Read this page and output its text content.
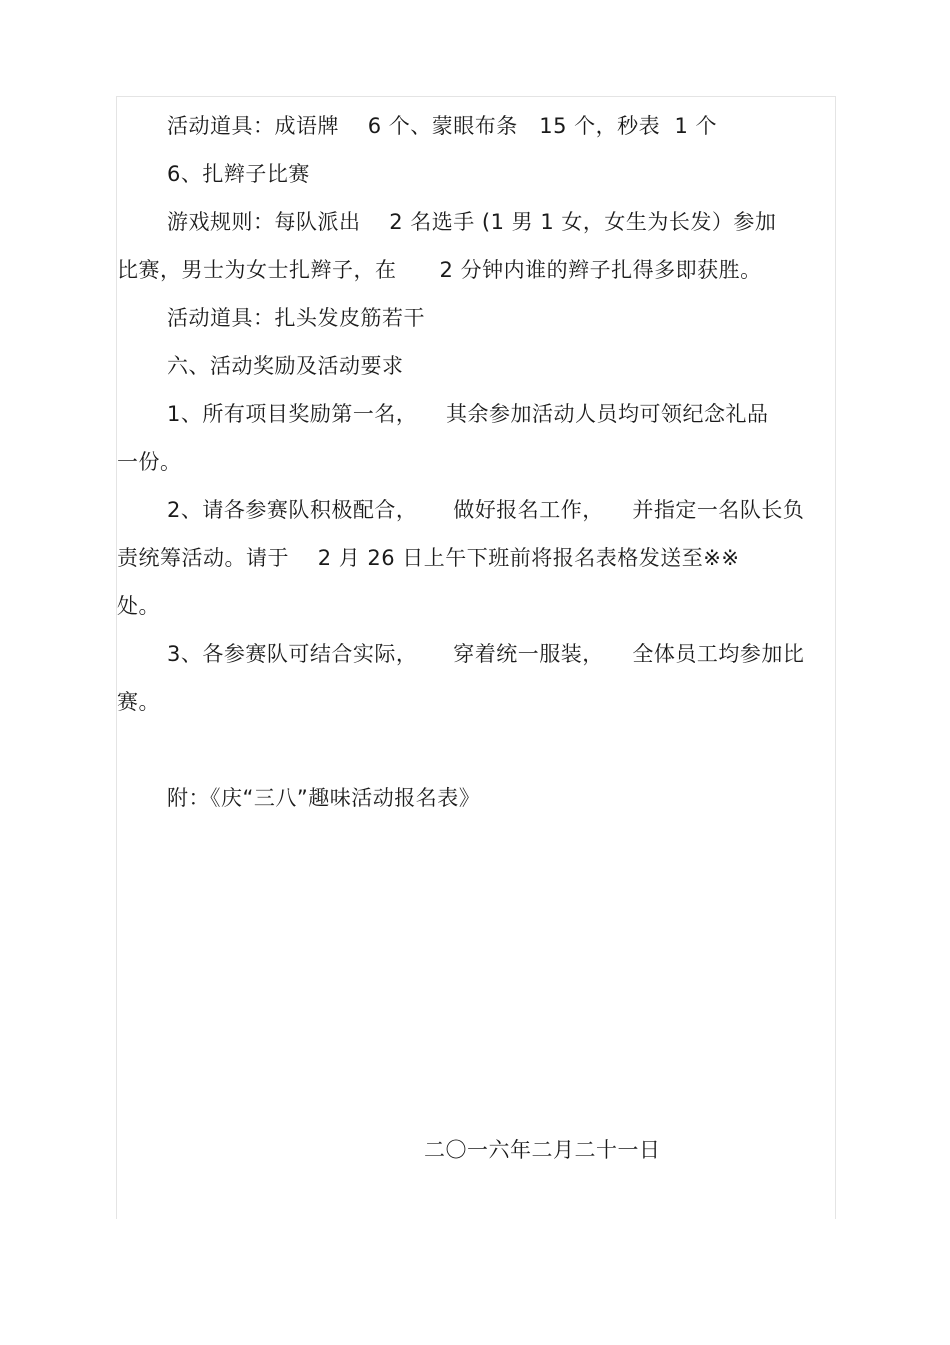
活动道具：成语牌    6 个、蒙眼布条   15 个，秒表  1 个
6、扎辫子比赛
游戏规则：每队派出    2 名选手 (1 男 1 女，女生为长发）参加
比赛，男士为女士扎辫子，在      2 分钟内谁的辫子扎得多即获胜。
活动道具：扎头发皮筋若干
六、活动奖励及活动要求
1、所有项目奖励第一名，    其余参加活动人员均可领纪念礼品
一份。
2、请各参赛队积极配合，     做好报名工作，    并指定一名队长负
责统筹活动。请于    2 月 26 日上午下班前将报名表格发送至※※
处。
3、各参赛队可结合实际，     穿着统一服装，    全体员工均参加比
赛。
附：《庆“三八”趣味活动报名表》
二〇一六年二月二十一日
